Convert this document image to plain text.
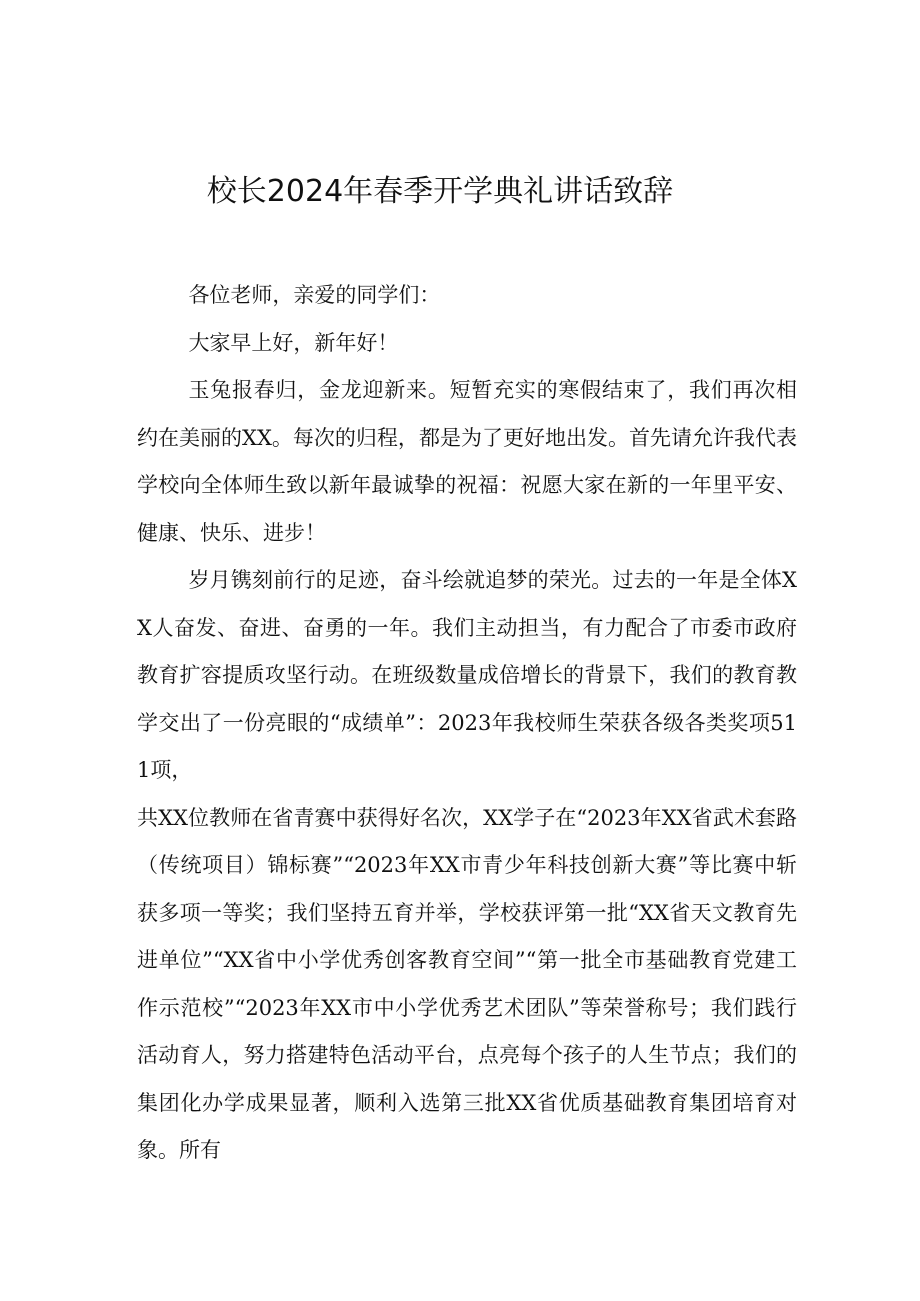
校长2024年春季开学典礼讲话致辞

各位老师，亲爱的同学们：

大家早上好，新年好！

玉兔报春归，金龙迎新来。短暂充实的寒假结束了，我们再次相约在美丽的XX。每次的归程，都是为了更好地出发。首先请允许我代表学校向全体师生致以新年最诚挚的祝福：祝愿大家在新的一年里平安、健康、快乐、进步！

岁月镌刻前行的足迹，奋斗绘就追梦的荣光。过去的一年是全体XX人奋发、奋进、奋勇的一年。我们主动担当，有力配合了市委市政府教育扩容提质攻坚行动。在班级数量成倍增长的背景下，我们的教育教学交出了一份亮眼的“成绩单”：2023年我校师生荣获各级各类奖项511项，

共XX位教师在省青赛中获得好名次，XX学子在“2023年XX省武术套路（传统项目）锦标赛”“2023年XX市青少年科技创新大赛”等比赛中斩获多项一等奖；我们坚持五育并举，学校获评第一批“XX省天文教育先进单位”“XX省中小学优秀创客教育空间”“第一批全市基础教育党建工作示范校”“2023年XX市中小学优秀艺术团队”等荣誉称号；我们践行活动育人，努力搭建特色活动平台，点亮每个孩子的人生节点；我们的集团化办学成果显著，顺利入选第三批XX省优质基础教育集团培育对象。所有
